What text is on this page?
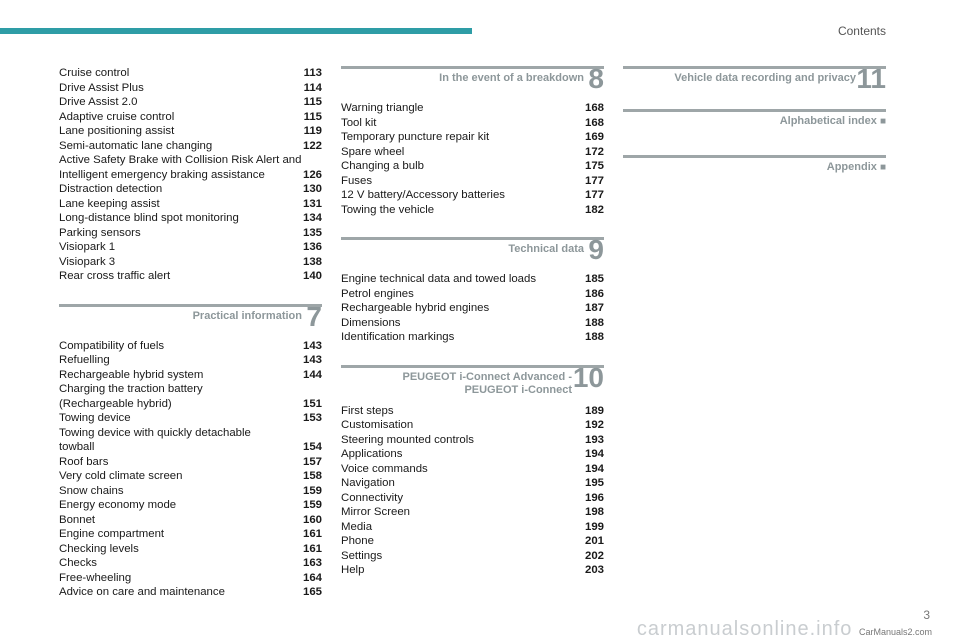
Contents
Cruise control	113
Drive Assist Plus	114
Drive Assist 2.0	115
Adaptive cruise control	115
Lane positioning assist	119
Semi-automatic lane changing	122
Active Safety Brake with Collision Risk Alert and
Intelligent emergency braking assistance	126
Distraction detection	130
Lane keeping assist	131
Long-distance blind spot monitoring	134
Parking sensors	135
Visiopark 1	136
Visiopark 3	138
Rear cross traffic alert	140
Practical information 7
Compatibility of fuels	143
Refuelling	143
Rechargeable hybrid system	144
Charging the traction battery
(Rechargeable hybrid)	151
Towing device	153
Towing device with quickly detachable
towball	154
Roof bars	157
Very cold climate screen	158
Snow chains	159
Energy economy mode	159
Bonnet	160
Engine compartment	161
Checking levels	161
Checks	163
Free-wheeling	164
Advice on care and maintenance	165
In the event of a breakdown 8
Warning triangle	168
Tool kit	168
Temporary puncture repair kit	169
Spare wheel	172
Changing a bulb	175
Fuses	177
12 V battery/Accessory batteries	177
Towing the vehicle	182
Technical data 9
Engine technical data and towed loads	185
Petrol engines	186
Rechargeable hybrid engines	187
Dimensions	188
Identification markings	188
PEUGEOT i-Connect Advanced -
PEUGEOT i-Connect 10
First steps	189
Customisation	192
Steering mounted controls	193
Applications	194
Voice commands	194
Navigation	195
Connectivity	196
Mirror Screen	198
Media	199
Phone	201
Settings	202
Help	203
Vehicle data recording and privacy 11
Alphabetical index ■
Appendix ■
3
carmanualsonline.info CarManuals2.com
